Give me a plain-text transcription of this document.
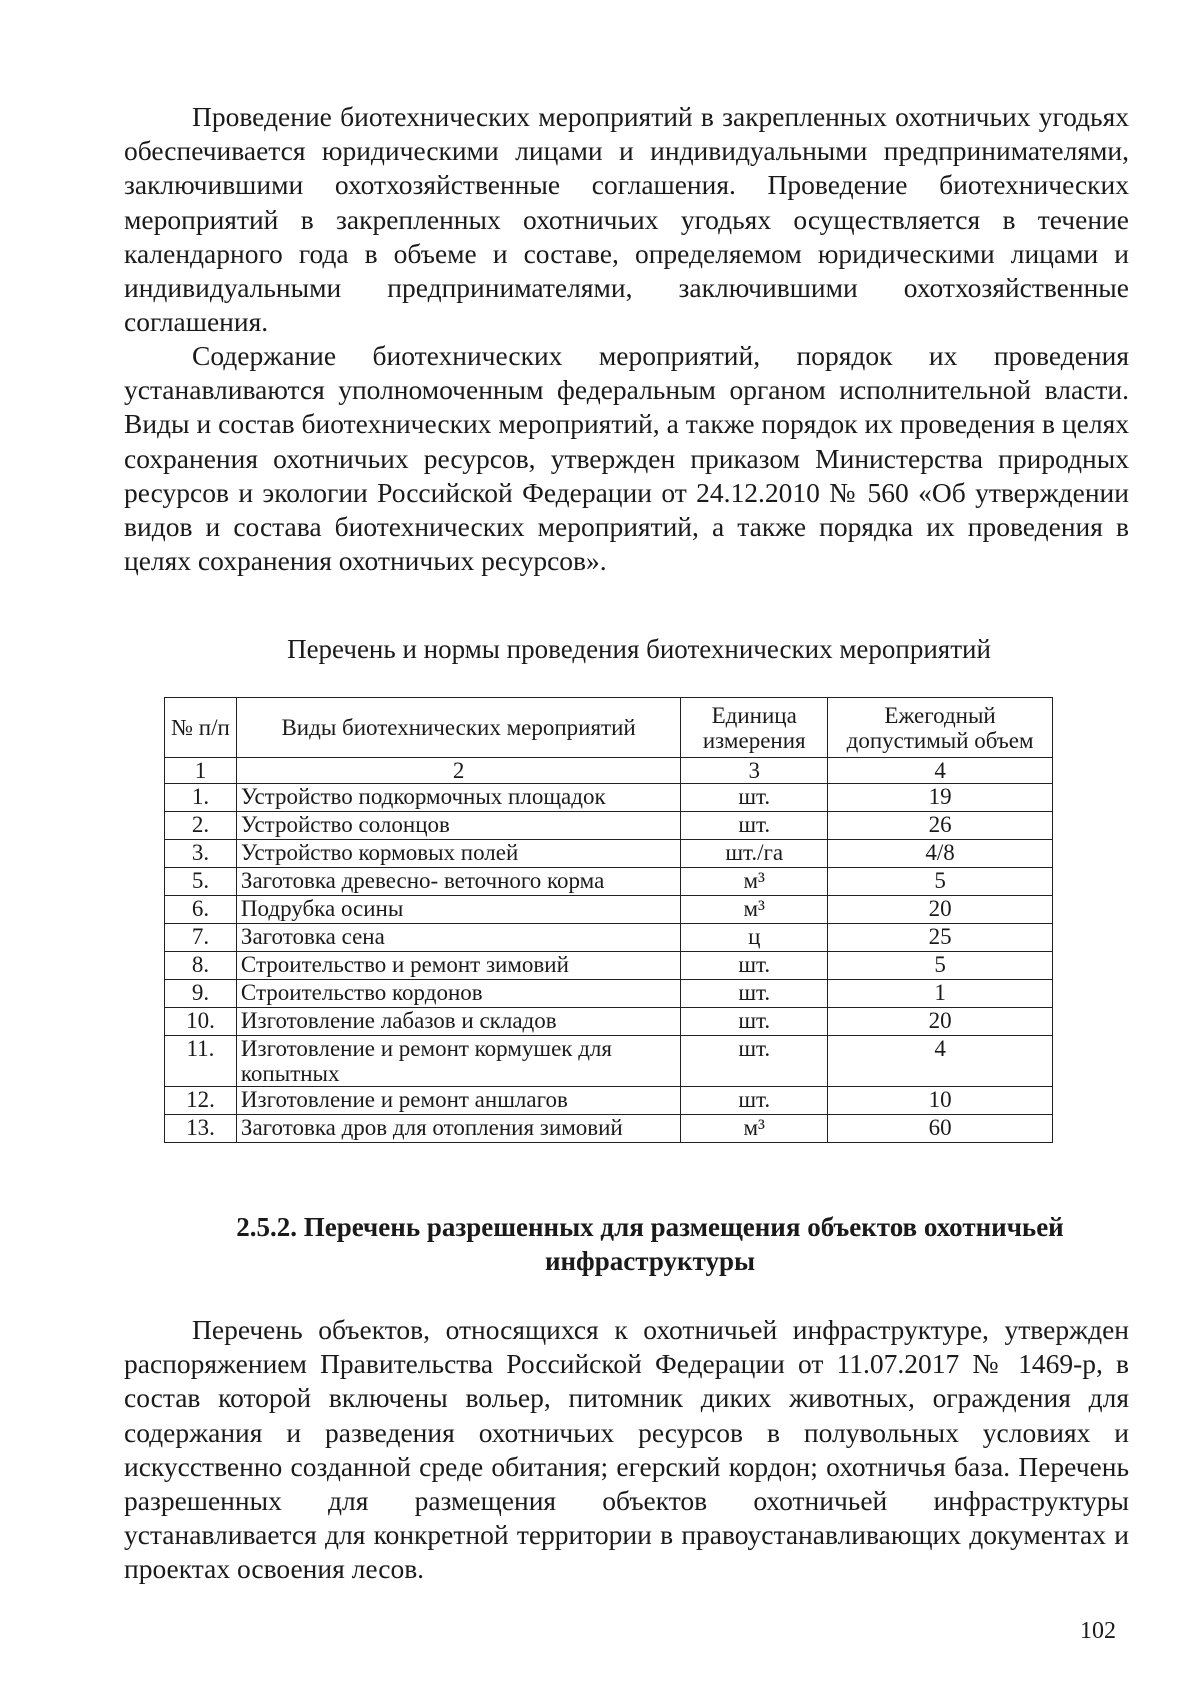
Проведение биотехнических мероприятий в закрепленных охотничьих угодьях обеспечивается юридическими лицами и индивидуальными предпринимателями, заключившими охотхозяйственные соглашения. Проведение биотехнических мероприятий в закрепленных охотничьих угодьях осуществляется в течение календарного года в объеме и составе, определяемом юридическими лицами и индивидуальными предпринимателями, заключившими охотхозяйственные соглашения.

Содержание биотехнических мероприятий, порядок их проведения устанавливаются уполномоченным федеральным органом исполнительной власти. Виды и состав биотехнических мероприятий, а также порядок их проведения в целях сохранения охотничьих ресурсов, утвержден приказом Министерства природных ресурсов и экологии Российской Федерации от 24.12.2010 № 560 «Об утверждении видов и состава биотехнических мероприятий, а также порядка их проведения в целях сохранения охотничьих ресурсов».

Перечень и нормы проведения биотехнических мероприятий

№ п/п	Виды биотехнических мероприятий	Единица измерения	Ежегодный допустимый объем
1	2	3	4
1.	Устройство подкормочных площадок	шт.	19
2.	Устройство солонцов	шт.	26
3.	Устройство кормовых полей	шт./га	4/8
5.	Заготовка древесно- веточного корма	м³	5
6.	Подрубка осины	м³	20
7.	Заготовка сена	ц	25
8.	Строительство и ремонт зимовий	шт.	5
9.	Строительство кордонов	шт.	1
10.	Изготовление лабазов и складов	шт.	20
11.	Изготовление и ремонт кормушек для копытных	шт.	4
12.	Изготовление и ремонт аншлагов	шт.	10
13.	Заготовка дров для отопления зимовий	м³	60

2.5.2. Перечень разрешенных для размещения объектов охотничьей инфраструктуры

Перечень объектов, относящихся к охотничьей инфраструктуре, утвержден распоряжением Правительства Российской Федерации от 11.07.2017 № 1469-р, в состав которой включены вольер, питомник диких животных, ограждения для содержания и разведения охотничьих ресурсов в полувольных условиях и искусственно созданной среде обитания; егерский кордон; охотничья база. Перечень разрешенных для размещения объектов охотничьей инфраструктуры устанавливается для конкретной территории в правоустанавливающих документах и проектах освоения лесов.

102
